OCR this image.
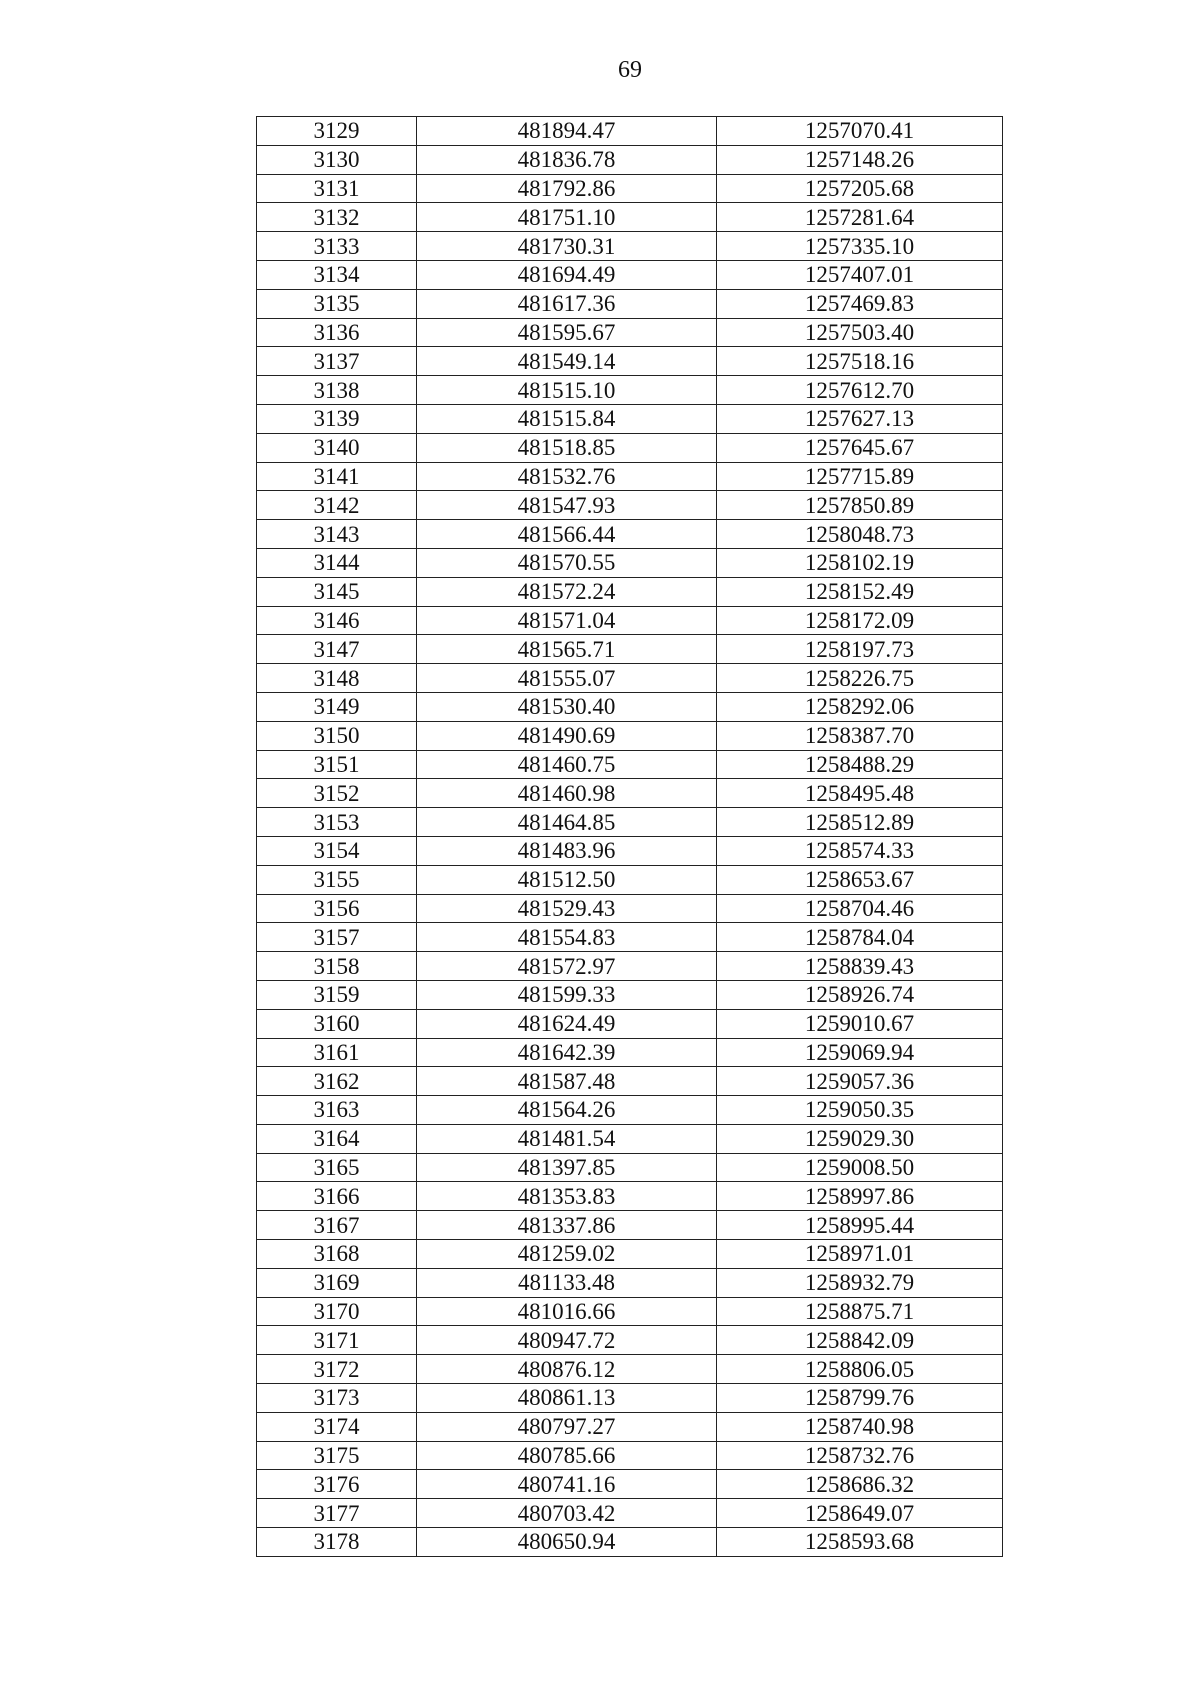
69
3129	481894.47	1257070.41
3130	481836.78	1257148.26
3131	481792.86	1257205.68
3132	481751.10	1257281.64
3133	481730.31	1257335.10
3134	481694.49	1257407.01
3135	481617.36	1257469.83
3136	481595.67	1257503.40
3137	481549.14	1257518.16
3138	481515.10	1257612.70
3139	481515.84	1257627.13
3140	481518.85	1257645.67
3141	481532.76	1257715.89
3142	481547.93	1257850.89
3143	481566.44	1258048.73
3144	481570.55	1258102.19
3145	481572.24	1258152.49
3146	481571.04	1258172.09
3147	481565.71	1258197.73
3148	481555.07	1258226.75
3149	481530.40	1258292.06
3150	481490.69	1258387.70
3151	481460.75	1258488.29
3152	481460.98	1258495.48
3153	481464.85	1258512.89
3154	481483.96	1258574.33
3155	481512.50	1258653.67
3156	481529.43	1258704.46
3157	481554.83	1258784.04
3158	481572.97	1258839.43
3159	481599.33	1258926.74
3160	481624.49	1259010.67
3161	481642.39	1259069.94
3162	481587.48	1259057.36
3163	481564.26	1259050.35
3164	481481.54	1259029.30
3165	481397.85	1259008.50
3166	481353.83	1258997.86
3167	481337.86	1258995.44
3168	481259.02	1258971.01
3169	481133.48	1258932.79
3170	481016.66	1258875.71
3171	480947.72	1258842.09
3172	480876.12	1258806.05
3173	480861.13	1258799.76
3174	480797.27	1258740.98
3175	480785.66	1258732.76
3176	480741.16	1258686.32
3177	480703.42	1258649.07
3178	480650.94	1258593.68
